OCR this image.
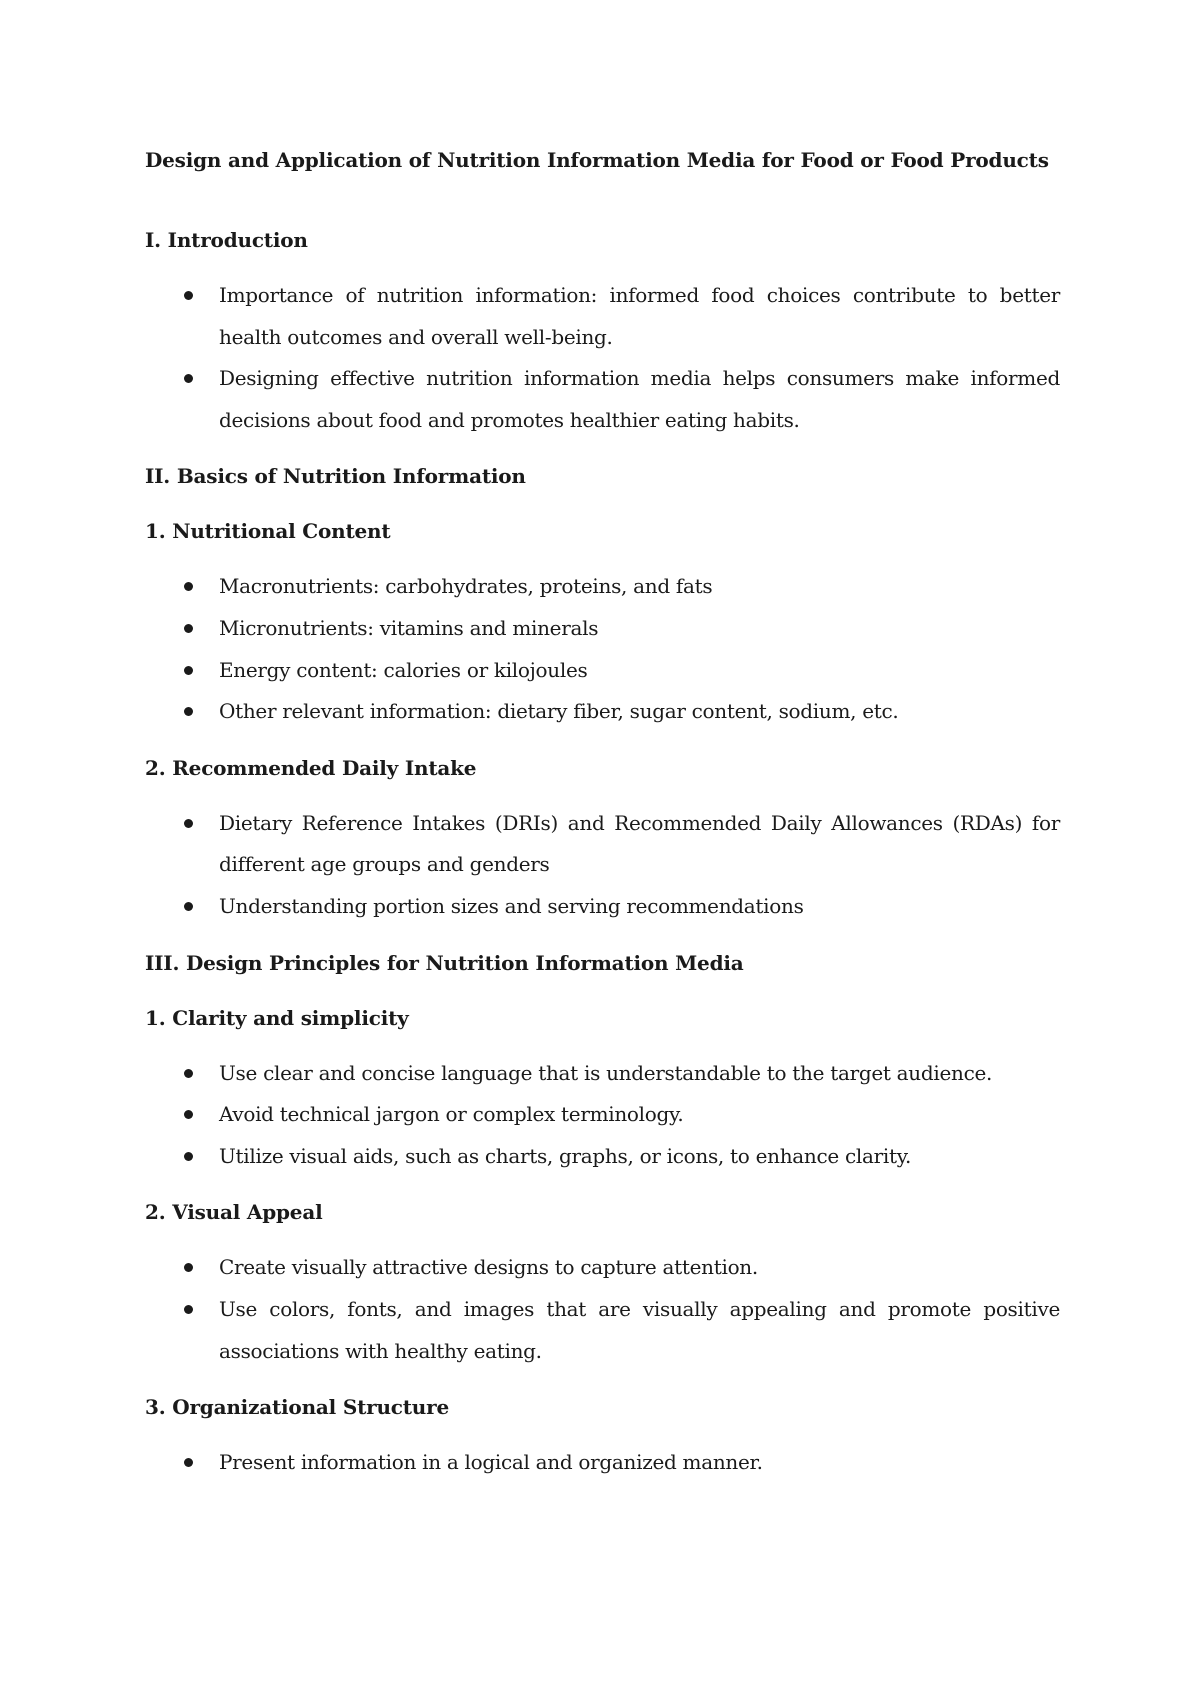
Design and Application of Nutrition Information Media for Food or Food Products
I. Introduction
Importance of nutrition information: informed food choices contribute to better health outcomes and overall well-being.
Designing effective nutrition information media helps consumers make informed decisions about food and promotes healthier eating habits.
II. Basics of Nutrition Information
1. Nutritional Content
Macronutrients: carbohydrates, proteins, and fats
Micronutrients: vitamins and minerals
Energy content: calories or kilojoules
Other relevant information: dietary fiber, sugar content, sodium, etc.
2. Recommended Daily Intake
Dietary Reference Intakes (DRIs) and Recommended Daily Allowances (RDAs) for different age groups and genders
Understanding portion sizes and serving recommendations
III. Design Principles for Nutrition Information Media
1. Clarity and simplicity
Use clear and concise language that is understandable to the target audience.
Avoid technical jargon or complex terminology.
Utilize visual aids, such as charts, graphs, or icons, to enhance clarity.
2. Visual Appeal
Create visually attractive designs to capture attention.
Use colors, fonts, and images that are visually appealing and promote positive associations with healthy eating.
3. Organizational Structure
Present information in a logical and organized manner.
